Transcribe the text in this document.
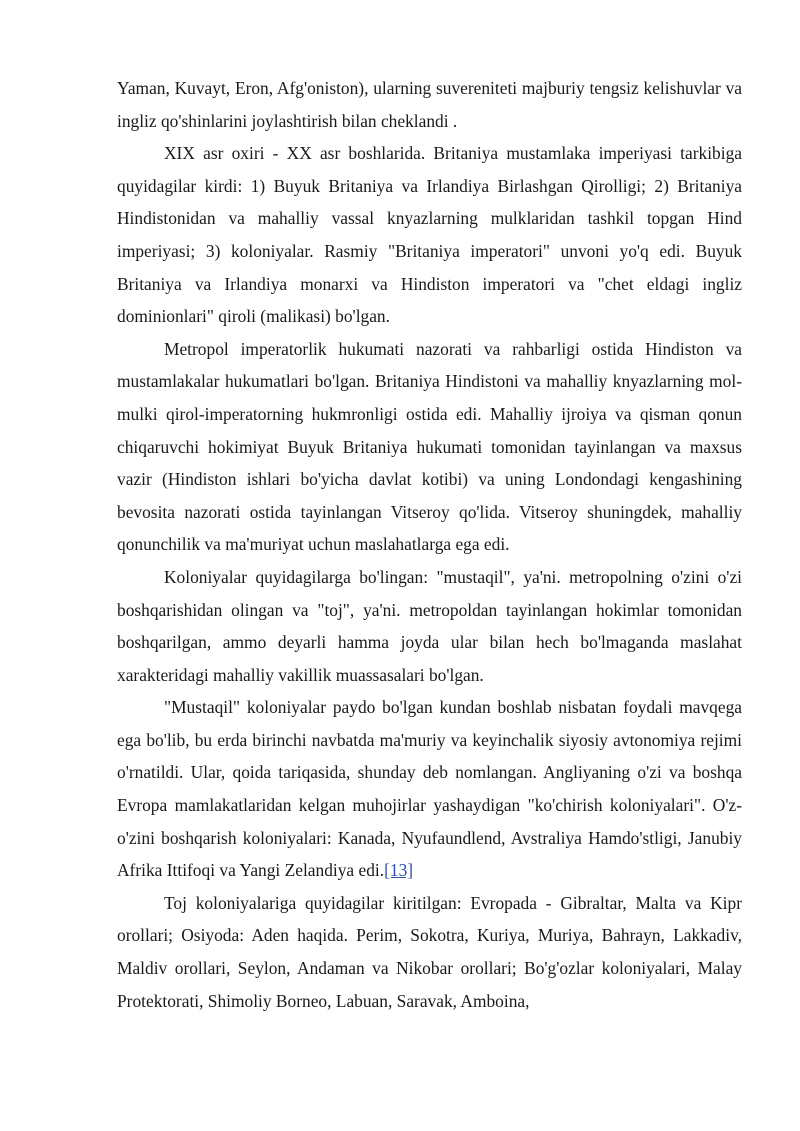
Yaman, Kuvayt, Eron, Afg'oniston), ularning suvereniteti majburiy tengsiz kelishuvlar va ingliz qo'shinlarini joylashtirish bilan cheklandi .

XIX asr oxiri - XX asr boshlarida. Britaniya mustamlaka imperiyasi tarkibiga quyidagilar kirdi: 1) Buyuk Britaniya va Irlandiya Birlashgan Qirolligi; 2) Britaniya Hindistonidan va mahalliy vassal knyazlarning mulklaridan tashkil topgan Hind imperiyasi; 3) koloniyalar. Rasmiy "Britaniya imperatori" unvoni yo'q edi. Buyuk Britaniya va Irlandiya monarxi va Hindiston imperatori va "chet eldagi ingliz dominionlari" qiroli (malikasi) bo'lgan.

Metropol imperatorlik hukumati nazorati va rahbarligi ostida Hindiston va mustamlakalar hukumatlari bo'lgan. Britaniya Hindistoni va mahalliy knyazlarning mol-mulki qirol-imperatorning hukmronligi ostida edi. Mahalliy ijroiya va qisman qonun chiqaruvchi hokimiyat Buyuk Britaniya hukumati tomonidan tayinlangan va maxsus vazir (Hindiston ishlari bo'yicha davlat kotibi) va uning Londondagi kengashining bevosita nazorati ostida tayinlangan Vitseroy qo'lida. Vitseroy shuningdek, mahalliy qonunchilik va ma'muriyat uchun maslahatlarga ega edi.

Koloniyalar quyidagilarga bo'lingan: "mustaqil", ya'ni. metropolning o'zini o'zi boshqarishidan olingan va "toj", ya'ni. metropoldan tayinlangan hokimlar tomonidan boshqarilgan, ammo deyarli hamma joyda ular bilan hech bo'lmaganda maslahat xarakteridagi mahalliy vakillik muassasalari bo'lgan.

"Mustaqil" koloniyalar paydo bo'lgan kundan boshlab nisbatan foydali mavqega ega bo'lib, bu erda birinchi navbatda ma'muriy va keyinchalik siyosiy avtonomiya rejimi o'rnatildi. Ular, qoida tariqasida, shunday deb nomlangan. Angliyaning o'zi va boshqa Evropa mamlakatlaridan kelgan muhojirlar yashaydigan "ko'chirish koloniyalari". O'z-o'zini boshqarish koloniyalari: Kanada, Nyufaundlend, Avstraliya Hamdo'stligi, Janubiy Afrika Ittifoqi va Yangi Zelandiya edi.[13]

Toj koloniyalariga quyidagilar kiritilgan: Evropada - Gibraltar, Malta va Kipr orollari; Osiyoda: Aden haqida. Perim, Sokotra, Kuriya, Muriya, Bahrayn, Lakkadiv, Maldiv orollari, Seylon, Andaman va Nikobar orollari; Bo'g'ozlar koloniyalari, Malay Protektorati, Shimoliy Borneo, Labuan, Saravak, Amboina,
